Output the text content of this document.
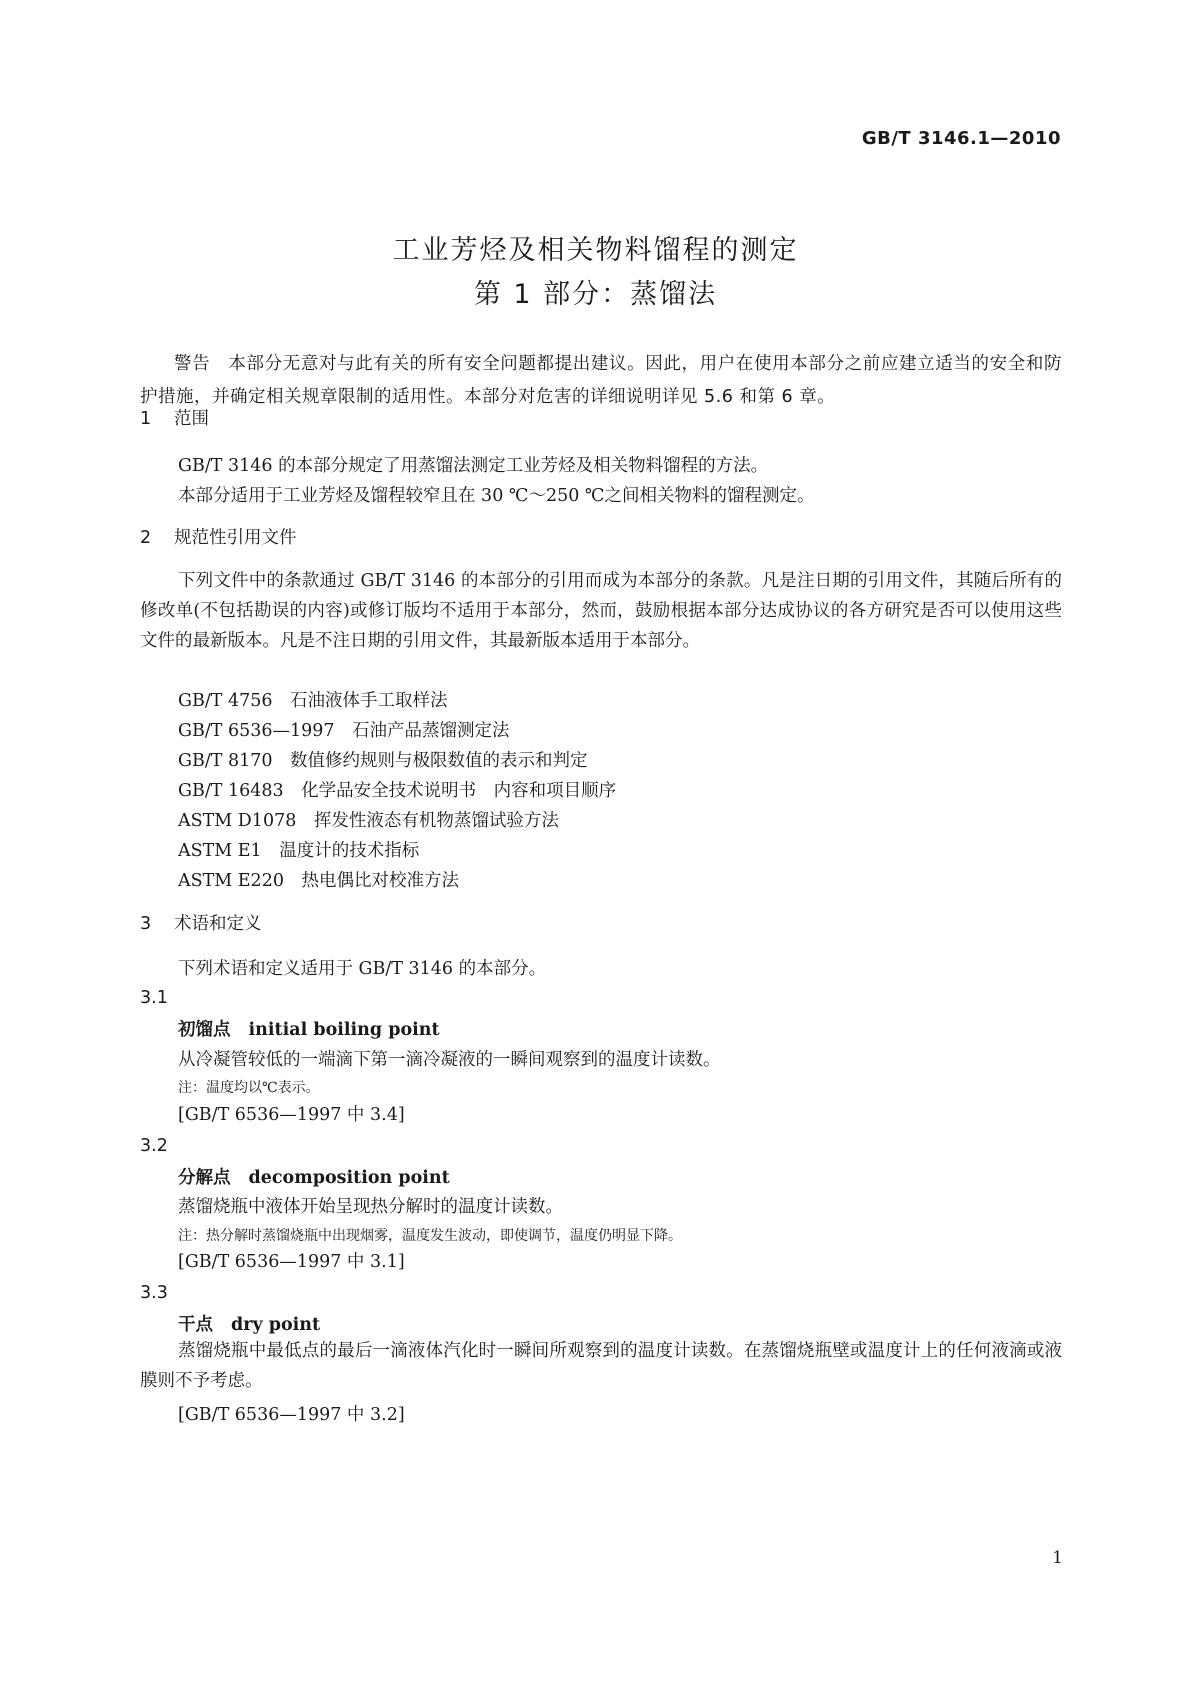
GB/T 3146.1—2010
工业芳烃及相关物料馏程的测定
第 1 部分：蒸馏法
警告 本部分无意对与此有关的所有安全问题都提出建议。因此，用户在使用本部分之前应建立适当的安全和防护措施，并确定相关规章限制的适用性。本部分对危害的详细说明详见 5.6 和第 6 章。
1 范围
GB/T 3146 的本部分规定了用蒸馏法测定工业芳烃及相关物料馏程的方法。
本部分适用于工业芳烃及馏程较窄且在 30 ℃～250 ℃之间相关物料的馏程测定。
2 规范性引用文件
下列文件中的条款通过 GB/T 3146 的本部分的引用而成为本部分的条款。凡是注日期的引用文件，其随后所有的修改单(不包括勘误的内容)或修订版均不适用于本部分，然而，鼓励根据本部分达成协议的各方研究是否可以使用这些文件的最新版本。凡是不注日期的引用文件，其最新版本适用于本部分。
GB/T 4756　 石油液体手工取样法
GB/T 6536—1997　 石油产品蒸馏测定法
GB/T 8170　 数值修约规则与极限数值的表示和判定
GB/T 16483　 化学品安全技术说明书　内容和项目顺序
ASTM D1078　 挥发性液态有机物蒸馏试验方法
ASTM E1　 温度计的技术指标
ASTM E220　 热电偶比对校准方法
3 术语和定义
下列术语和定义适用于 GB/T 3146 的本部分。
3.1
初馏点 initial boiling point
从冷凝管较低的一端滴下第一滴冷凝液的一瞬间观察到的温度计读数。
注：温度均以℃表示。
[GB/T 6536—1997 中 3.4]
3.2
分解点 decomposition point
蒸馏烧瓶中液体开始呈现热分解时的温度计读数。
注：热分解时蒸馏烧瓶中出现烟雾，温度发生波动，即使调节，温度仍明显下降。
[GB/T 6536—1997 中 3.1]
3.3
干点 dry point
蒸馏烧瓶中最低点的最后一滴液体汽化时一瞬间所观察到的温度计读数。在蒸馏烧瓶壁或温度计上的任何液滴或液膜则不予考虑。
[GB/T 6536—1997 中 3.2]
1
